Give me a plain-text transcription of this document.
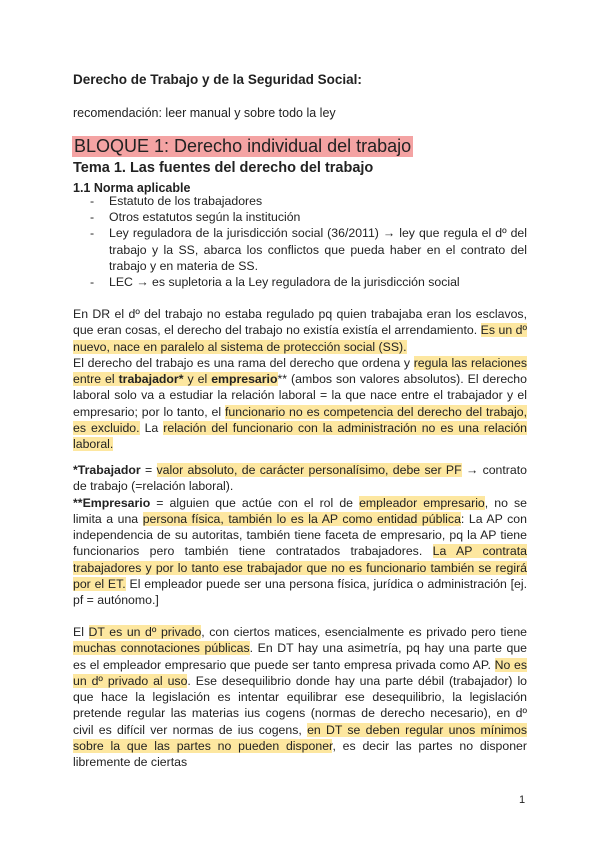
Derecho de Trabajo y de la Seguridad Social:
recomendación: leer manual y sobre todo la ley
BLOQUE 1: Derecho individual del trabajo
Tema 1. Las fuentes del derecho del trabajo
1.1 Norma aplicable
- Estatuto de los trabajadores
- Otros estatutos según la institución
- Ley reguladora de la jurisdicción social (36/2011) → ley que regula el dº del trabajo y la SS, abarca los conflictos que pueda haber en el contrato del trabajo y en materia de SS.
- LEC → es supletoria a la Ley reguladora de la jurisdicción social
En DR el dº del trabajo no estaba regulado pq quien trabajaba eran los esclavos, que eran cosas, el derecho del trabajo no existía existía el arrendamiento. Es un dº nuevo, nace en paralelo al sistema de protección social (SS).
El derecho del trabajo es una rama del derecho que ordena y regula las relaciones entre el trabajador* y el empresario** (ambos son valores absolutos). El derecho laboral solo va a estudiar la relación laboral = la que nace entre el trabajador y el empresario; por lo tanto, el funcionario no es competencia del derecho del trabajo, es excluido. La relación del funcionario con la administración no es una relación laboral.
*Trabajador = valor absoluto, de carácter personalísimo, debe ser PF → contrato de trabajo (=relación laboral).
**Empresario = alguien que actúe con el rol de empleador empresario, no se limita a una persona física, también lo es la AP como entidad pública: La AP con independencia de su autoritas, también tiene faceta de empresario, pq la AP tiene funcionarios pero también tiene contratados trabajadores. La AP contrata trabajadores y por lo tanto ese trabajador que no es funcionario también se regirá por el ET. El empleador puede ser una persona física, jurídica o administración [ej. pf = autónomo.]
El DT es un dº privado, con ciertos matices, esencialmente es privado pero tiene muchas connotaciones públicas. En DT hay una asimetría, pq hay una parte que es el empleador empresario que puede ser tanto empresa privada como AP. No es un dº privado al uso. Ese desequilibrio donde hay una parte débil (trabajador) lo que hace la legislación es intentar equilibrar ese desequilibrio, la legislación pretende regular las materias ius cogens (normas de derecho necesario), en dº civil es difícil ver normas de ius cogens, en DT se deben regular unos mínimos sobre la que las partes no pueden disponer, es decir las partes no disponer libremente de ciertas
1
